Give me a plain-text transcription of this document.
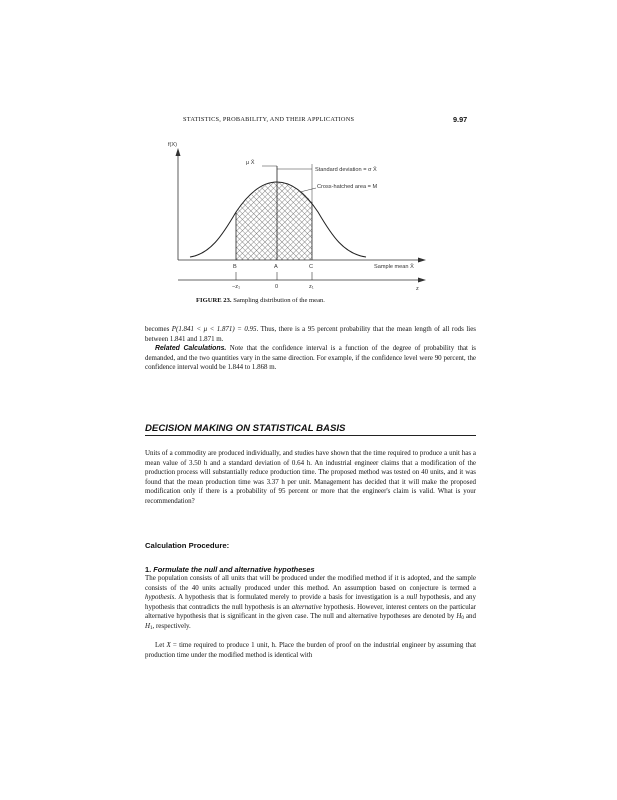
STATISTICS, PROBABILITY, AND THEIR APPLICATIONS	9.97
f(X)
μ X̄
Standard deviation = σ X̄
Cross-hatched area = M
Sample mean X̄
B	A	C
−z₁	0	z₁	z
FIGURE 23. Sampling distribution of the mean.

becomes P(1.841 < μ < 1.871) = 0.95. Thus, there is a 95 percent probability that the mean length of all rods lies between 1.841 and 1.871 m.

Related Calculations. Note that the confidence interval is a function of the degree of probability that is demanded, and the two quantities vary in the same direction. For example, if the confidence level were 90 percent, the confidence interval would be 1.844 to 1.868 m.

DECISION MAKING ON STATISTICAL BASIS

Units of a commodity are produced individually, and studies have shown that the time required to produce a unit has a mean value of 3.50 h and a standard deviation of 0.64 h. An industrial engineer claims that a modification of the production process will substantially reduce production time. The proposed method was tested on 40 units, and it was found that the mean production time was 3.37 h per unit. Management has decided that it will make the proposed modification only if there is a probability of 95 percent or more that the engineer's claim is valid. What is your recommendation?

Calculation Procedure:
1. Formulate the null and alternative hypotheses

The population consists of all units that will be produced under the modified method if it is adopted, and the sample consists of the 40 units actually produced under this method. An assumption based on conjecture is termed a hypothesis. A hypothesis that is formulated merely to provide a basis for investigation is a null hypothesis, and any hypothesis that contradicts the null hypothesis is an alternative hypothesis. However, interest centers on the particular alternative hypothesis that is significant in the given case. The null and alternative hypotheses are denoted by $H_0$ and $H_1$, respectively.

Let X = time required to produce 1 unit, h. Place the burden of proof on the industrial engineer by assuming that production time under the modified method is identical with
